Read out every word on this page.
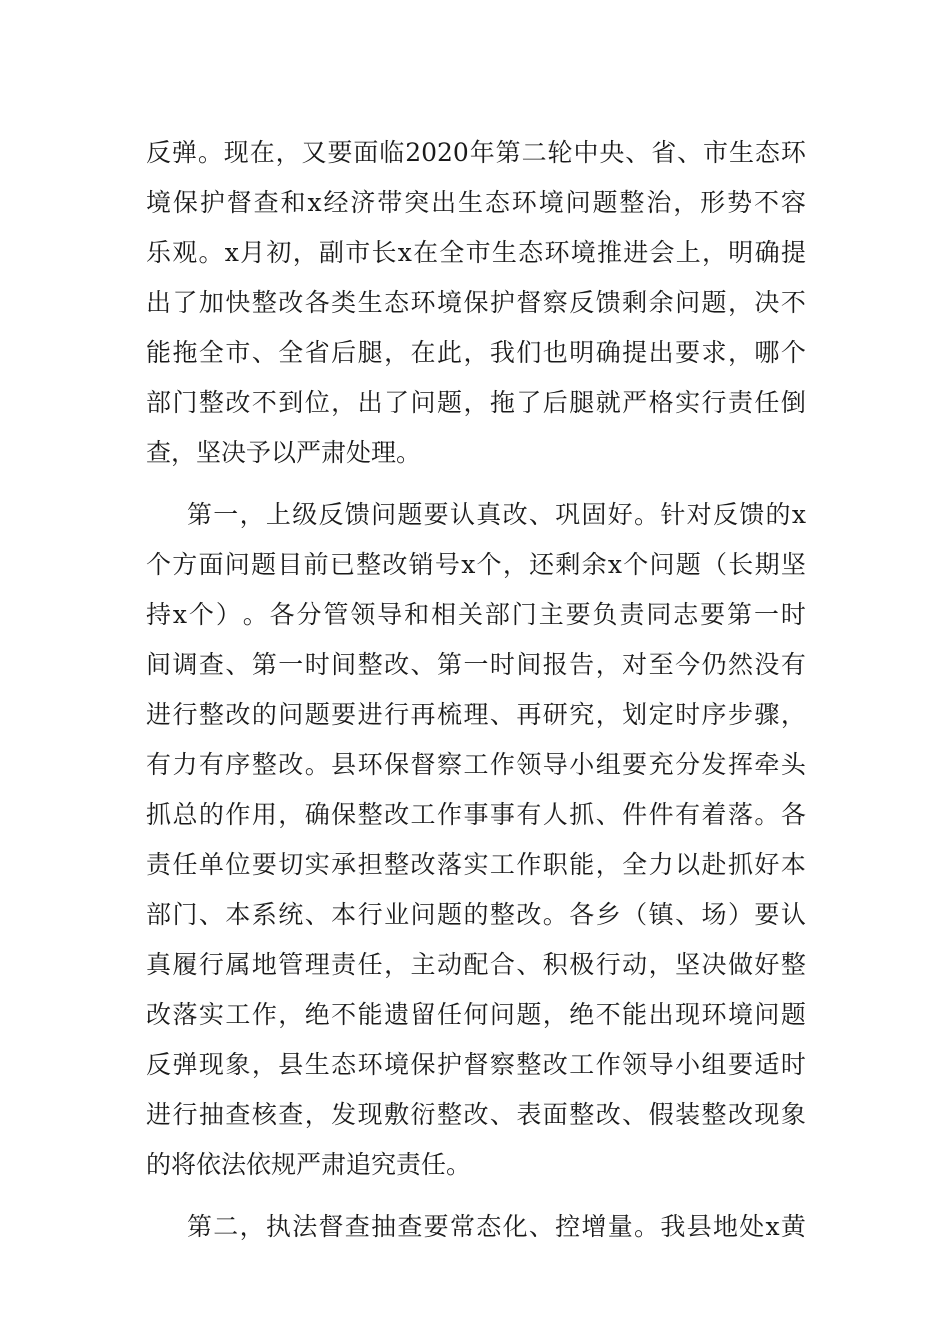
反 弹 。 现 在 ， 又 要 面 临 2020 年 第 二 轮 中 央 、 省 、 市 生 态 环
境 保 护 督 查 和 x 经 济 带 突 出 生 态 环 境 问 题 整 治 ， 形 势 不 容
乐 观 。 x 月 初 ， 副 市 长 x 在 全 市 生 态 环 境 推 进 会 上 ， 明 确 提
出 了 加 快 整 改 各 类 生 态 环 境 保 护 督 察 反 馈 剩 余 问 题 ， 决 不
能 拖 全 市 、 全 省 后 腿 ， 在 此 ， 我 们 也 明 确 提 出 要 求 ， 哪 个
部 门 整 改 不 到 位 ， 出 了 问 题 ， 拖 了 后 腿 就 严 格 实 行 责 任 倒
查，坚决予以严肃处理。
第 一 ， 上 级 反 馈 问 题 要 认 真 改 、 巩 固 好 。 针 对 反 馈 的 x
个 方 面 问 题 目 前 已 整 改 销 号 x 个 ， 还 剩 余 x 个 问 题 （ 长 期 坚
持 x 个 ） 。 各 分 管 领 导 和 相 关 部 门 主 要 负 责 同 志 要 第 一 时
间 调 查 、 第 一 时 间 整 改 、 第 一 时 间 报 告 ， 对 至 今 仍 然 没 有
进 行 整 改 的 问 题 要 进 行 再 梳 理 、 再 研 究 ， 划 定 时 序 步 骤 ，
有 力 有 序 整 改 。 县 环 保 督 察 工 作 领 导 小 组 要 充 分 发 挥 牵 头
抓 总 的 作 用 ， 确 保 整 改 工 作 事 事 有 人 抓 、 件 件 有 着 落 。 各
责 任 单 位 要 切 实 承 担 整 改 落 实 工 作 职 能 ， 全 力 以 赴 抓 好 本
部 门 、 本 系 统 、 本 行 业 问 题 的 整 改 。 各 乡 （ 镇 、 场 ） 要 认
真 履 行 属 地 管 理 责 任 ， 主 动 配 合 、 积 极 行 动 ， 坚 决 做 好 整
改 落 实 工 作 ， 绝 不 能 遗 留 任 何 问 题 ， 绝 不 能 出 现 环 境 问 题
反 弹 现 象 ， 县 生 态 环 境 保 护 督 察 整 改 工 作 领 导 小 组 要 适 时
进 行 抽 查 核 查 ， 发 现 敷 衍 整 改 、 表 面 整 改 、 假 装 整 改 现 象
的将依法依规严肃追究责任。
第 二 ， 执 法 督 查 抽 查 要 常 态 化 、 控 增 量 。 我 县 地 处 x 黄
